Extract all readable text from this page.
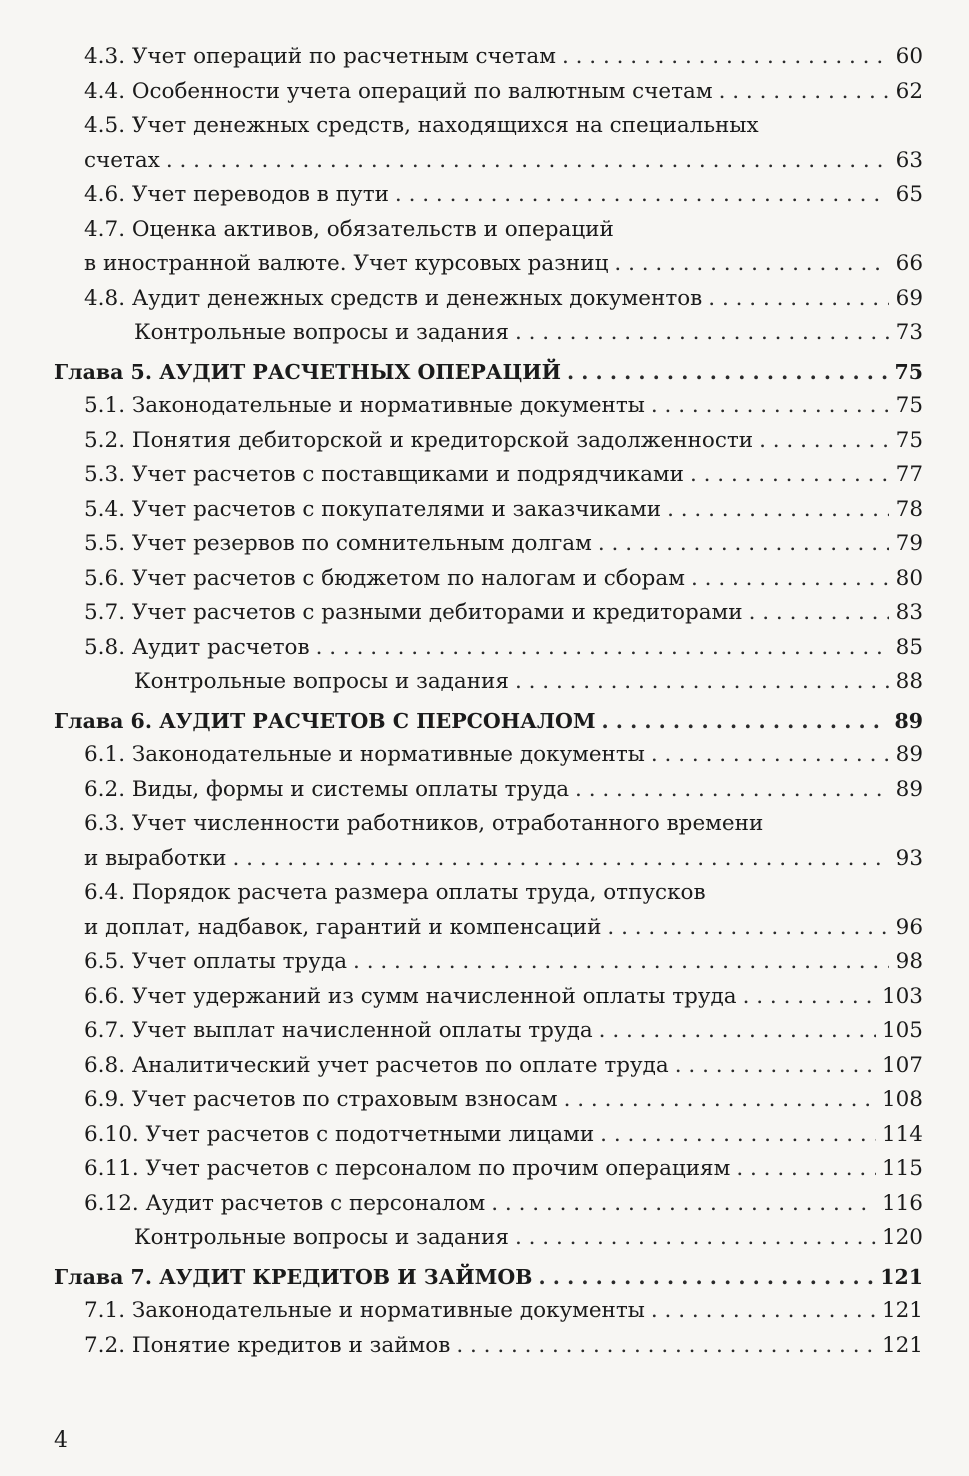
4.3. Учет операций по расчетным счетам . . .	60
4.4. Особенности учета операций по валютным счетам . . .	62
4.5. Учет денежных средств, находящихся на специальных
счетах . . .	63
4.6. Учет переводов в пути . . .	65
4.7. Оценка активов, обязательств и операций
в иностранной валюте. Учет курсовых разниц . . .	66
4.8. Аудит денежных средств и денежных документов . . .	69
Контрольные вопросы и задания . . .	73
Глава 5. АУДИТ РАСЧЕТНЫХ ОПЕРАЦИЙ . . .	75
5.1. Законодательные и нормативные документы . . .	75
5.2. Понятия дебиторской и кредиторской задолженности . . .	75
5.3. Учет расчетов с поставщиками и подрядчиками . . .	77
5.4. Учет расчетов с покупателями и заказчиками . . .	78
5.5. Учет резервов по сомнительным долгам . . .	79
5.6. Учет расчетов с бюджетом по налогам и сборам . . .	80
5.7. Учет расчетов с разными дебиторами и кредиторами . . .	83
5.8. Аудит расчетов . . .	85
Контрольные вопросы и задания . . .	88
Глава 6. АУДИТ РАСЧЕТОВ С ПЕРСОНАЛОМ . . .	89
6.1. Законодательные и нормативные документы . . .	89
6.2. Виды, формы и системы оплаты труда . . .	89
6.3. Учет численности работников, отработанного времени
и выработки . . .	93
6.4. Порядок расчета размера оплаты труда, отпусков
и доплат, надбавок, гарантий и компенсаций . . .	96
6.5. Учет оплаты труда . . .	98
6.6. Учет удержаний из сумм начисленной оплаты труда . . .	103
6.7. Учет выплат начисленной оплаты труда . . .	105
6.8. Аналитический учет расчетов по оплате труда . . .	107
6.9. Учет расчетов по страховым взносам . . .	108
6.10. Учет расчетов с подотчетными лицами . . .	114
6.11. Учет расчетов с персоналом по прочим операциям . . .	115
6.12. Аудит расчетов с персоналом . . .	116
Контрольные вопросы и задания . . .	120
Глава 7. АУДИТ КРЕДИТОВ И ЗАЙМОВ . . .	121
7.1. Законодательные и нормативные документы . . .	121
7.2. Понятие кредитов и займов . . .	121
4
